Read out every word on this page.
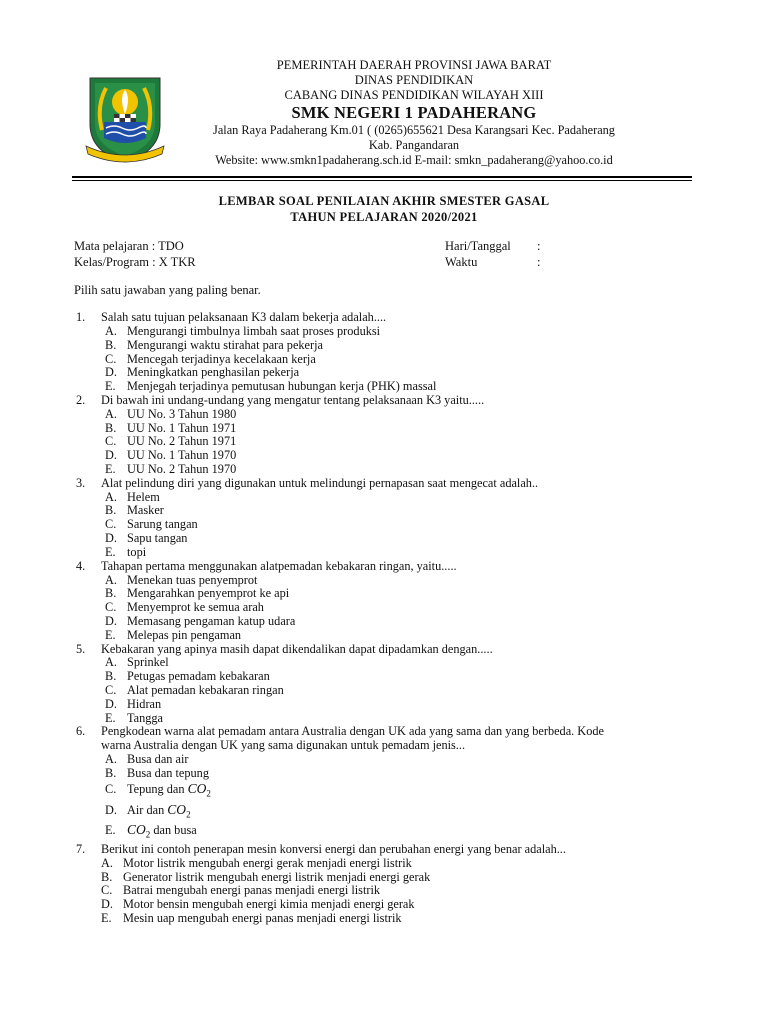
PEMERINTAH DAERAH PROVINSI JAWA BARAT
DINAS PENDIDIKAN
CABANG DINAS PENDIDIKAN WILAYAH XIII
SMK NEGERI 1 PADAHERANG
Jalan Raya Padaherang Km.01 ( (0265)655621 Desa Karangsari Kec. Padaherang
Kab. Pangandaran
Website: www.smkn1padaherang.sch.id E-mail: smkn_padaherang@yahoo.co.id
LEMBAR SOAL PENILAIAN AKHIR SMESTER GASAL
TAHUN PELAJARAN 2020/2021
Mata pelajaran : TDO
Kelas/Program : X TKR
Hari/Tanggal :
Waktu	:
Pilih satu jawaban yang paling benar.
1. Salah satu tujuan pelaksanaan K3 dalam bekerja adalah....
A. Mengurangi timbulnya limbah saat proses produksi
B. Mengurangi waktu stirahat para pekerja
C. Mencegah terjadinya kecelakaan kerja
D. Meningkatkan penghasilan pekerja
E. Menjegah terjadinya pemutusan hubungan kerja (PHK) massal
2. Di bawah ini undang-undang yang mengatur tentang pelaksanaan K3 yaitu.....
A. UU No. 3 Tahun 1980
B. UU No. 1 Tahun 1971
C. UU No. 2 Tahun 1971
D. UU No. 1 Tahun 1970
E. UU No. 2 Tahun 1970
3. Alat pelindung diri yang digunakan untuk melindungi pernapasan saat mengecat adalah..
A. Helem
B. Masker
C. Sarung tangan
D. Sapu tangan
E. topi
4. Tahapan pertama menggunakan alatpemadan kebakaran ringan, yaitu.....
A. Menekan tuas penyemprot
B. Mengarahkan penyemprot ke api
C. Menyemprot ke semua arah
D. Memasang pengaman katup udara
E. Melepas pin pengaman
5. Kebakaran yang apinya masih dapat dikendalikan dapat dipadamkan dengan.....
A. Sprinkel
B. Petugas pemadam kebakaran
C. Alat pemadan kebakaran ringan
D. Hidran
E. Tangga
6. Pengkodean warna alat pemadam antara Australia dengan UK ada yang sama dan yang berbeda. Kode
warna Australia dengan UK yang sama digunakan untuk pemadam jenis...
A. Busa dan air
B. Busa dan tepung
C. Tepung dan $CO_2$
D. Air dan $CO_2$
E. $CO_2$ dan busa
7. Berikut ini contoh penerapan mesin konversi energi dan perubahan energi yang benar adalah...
A. Motor listrik mengubah energi gerak menjadi energi listrik
B. Generator listrik mengubah energi listrik menjadi energi gerak
C. Batrai mengubah energi panas menjadi energi listrik
D. Motor bensin mengubah energi kimia menjadi energi gerak
E. Mesin uap mengubah energi panas menjadi energi listrik
